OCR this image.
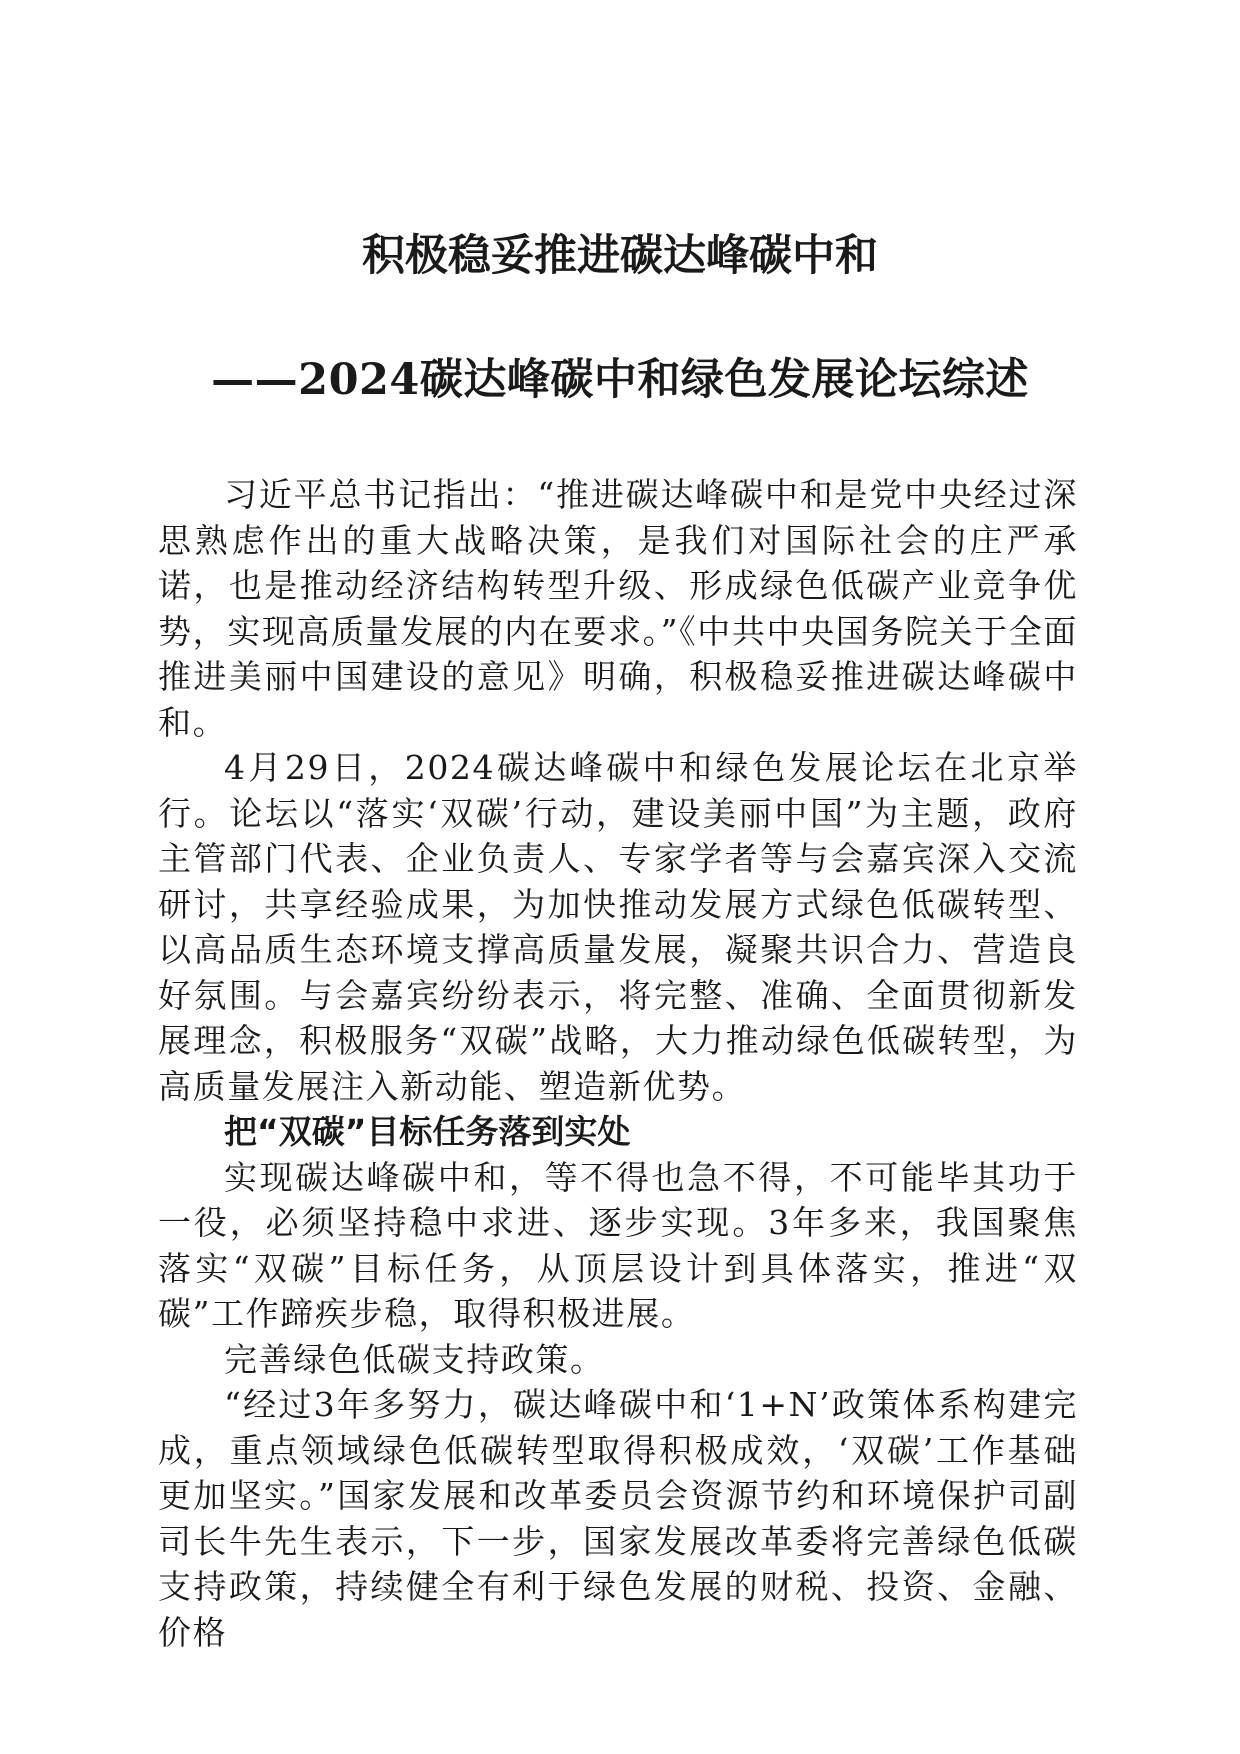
积极稳妥推进碳达峰碳中和
——2024碳达峰碳中和绿色发展论坛综述

习近平总书记指出：“推进碳达峰碳中和是党中央经过深思熟虑作出的重大战略决策，是我们对国际社会的庄严承诺，也是推动经济结构转型升级、形成绿色低碳产业竞争优势，实现高质量发展的内在要求。”《中共中央国务院关于全面推进美丽中国建设的意见》明确，积极稳妥推进碳达峰碳中和。

4月29日，2024碳达峰碳中和绿色发展论坛在北京举行。论坛以“落实‘双碳’行动，建设美丽中国”为主题，政府主管部门代表、企业负责人、专家学者等与会嘉宾深入交流研讨，共享经验成果，为加快推动发展方式绿色低碳转型、以高品质生态环境支撑高质量发展，凝聚共识合力、营造良好氛围。与会嘉宾纷纷表示，将完整、准确、全面贯彻新发展理念，积极服务“双碳”战略，大力推动绿色低碳转型，为高质量发展注入新动能、塑造新优势。

把“双碳”目标任务落到实处

实现碳达峰碳中和，等不得也急不得，不可能毕其功于一役，必须坚持稳中求进、逐步实现。3年多来，我国聚焦落实“双碳”目标任务，从顶层设计到具体落实，推进“双碳”工作蹄疾步稳，取得积极进展。

完善绿色低碳支持政策。

“经过3年多努力，碳达峰碳中和‘1+N’政策体系构建完成，重点领域绿色低碳转型取得积极成效，‘双碳’工作基础更加坚实。”国家发展和改革委员会资源节约和环境保护司副司长牛先生表示，下一步，国家发展改革委将完善绿色低碳支持政策，持续健全有利于绿色发展的财税、投资、金融、价格
